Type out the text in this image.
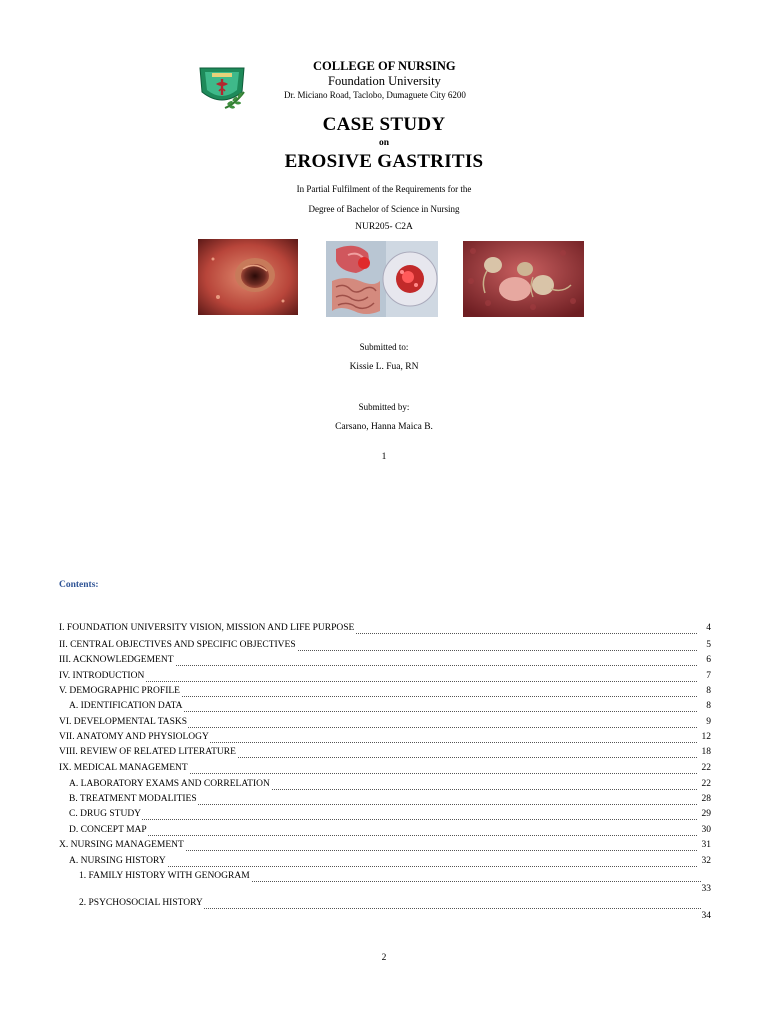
COLLEGE OF NURSING
Foundation University
Dr. Miciano Road, Taclobo, Dumaguete City 6200
CASE STUDY
on
EROSIVE GASTRITIS
In Partial Fulfilment of the Requirements for the
Degree of Bachelor of Science in Nursing
NUR205- C2A
Submitted to:
Kissie L. Fua, RN
Submitted by:
Carsano, Hanna Maica B.
1
Contents:
I. FOUNDATION UNIVERSITY VISION, MISSION AND LIFE PURPOSE	4
II. CENTRAL OBJECTIVES AND SPECIFIC OBJECTIVES	5
III. ACKNOWLEDGEMENT	6
IV. INTRODUCTION	7
V. DEMOGRAPHIC PROFILE	8
A. IDENTIFICATION DATA	8
VI. DEVELOPMENTAL TASKS	9
VII. ANATOMY AND PHYSIOLOGY	12
VIII. REVIEW OF RELATED LITERATURE	18
IX. MEDICAL MANAGEMENT	22
A. LABORATORY EXAMS AND CORRELATION	22
B. TREATMENT MODALITIES	28
C. DRUG STUDY	29
D. CONCEPT MAP	30
X. NURSING MANAGEMENT	31
A. NURSING HISTORY	32
1. FAMILY HISTORY WITH GENOGRAM
33
2. PSYCHOSOCIAL HISTORY
34
2
